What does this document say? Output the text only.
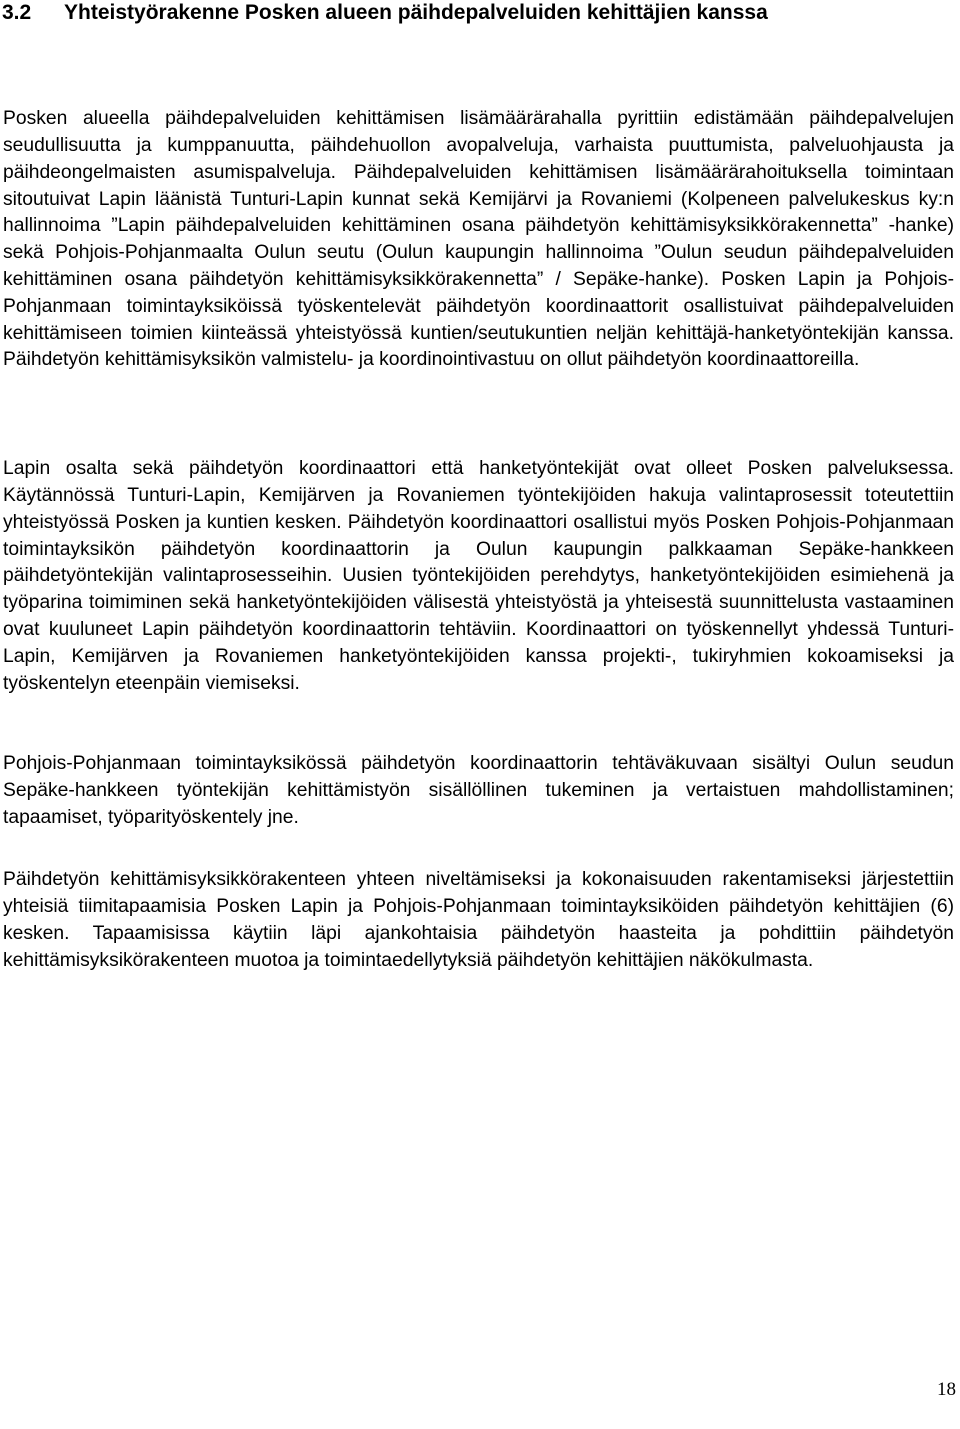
3.2 Yhteistyörakenne Posken alueen päihdepalveluiden kehittäjien kanssa

Posken alueella päihdepalveluiden kehittämisen lisämäärärahalla pyrittiin edistämään päihdepalvelujen seudullisuutta ja kumppanuutta, päihdehuollon avopalveluja, varhaista puuttumista, palveluohjausta ja päihdeongelmaisten asumispalveluja. Päihdepalveluiden kehittämisen lisämäärärahoituksella toimintaan sitoutuivat Lapin läänistä Tunturi-Lapin kunnat sekä Kemijärvi ja Rovaniemi (Kolpeneen palvelukeskus ky:n hallinnoima ”Lapin päihdepalveluiden kehittäminen osana päihdetyön kehittämisyksikkörakennetta” -hanke) sekä Pohjois-Pohjanmaalta Oulun seutu (Oulun kaupungin hallinnoima ”Oulun seudun päihdepalveluiden kehittäminen osana päihdetyön kehittämisyksikkörakennetta” / Sepäke-hanke). Posken Lapin ja Pohjois-Pohjanmaan toimintayksiköissä työskentelevät päihdetyön koordinaattorit osallistuivat päihdepalveluiden kehittämiseen toimien kiinteässä yhteistyössä kuntien/seutukuntien neljän kehittäjä-hanketyöntekijän kanssa. Päihdetyön kehittämisyksikön valmistelu- ja koordinointivastuu on ollut päihdetyön koordinaattoreilla.

Lapin osalta sekä päihdetyön koordinaattori että hanketyöntekijät ovat olleet Posken palveluksessa. Käytännössä Tunturi-Lapin, Kemijärven ja Rovaniemen työntekijöiden hakuja valintaprosessit toteutettiin yhteistyössä Posken ja kuntien kesken. Päihdetyön koordinaattori osallistui myös Posken Pohjois-Pohjanmaan toimintayksikön päihdetyön koordinaattorin ja Oulun kaupungin palkkaaman Sepäke-hankkeen päihdetyöntekijän valintaprosesseihin. Uusien työntekijöiden perehdytys, hanketyöntekijöiden esimiehenä ja työparina toimiminen sekä hanketyöntekijöiden välisestä yhteistyöstä ja yhteisestä suunnittelusta vastaaminen ovat kuuluneet Lapin päihdetyön koordinaattorin tehtäviin. Koordinaattori on työskennellyt yhdessä Tunturi-Lapin, Kemijärven ja Rovaniemen hanketyöntekijöiden kanssa projekti-, tukiryhmien kokoamiseksi ja työskentelyn eteenpäin viemiseksi.

Pohjois-Pohjanmaan toimintayksikössä päihdetyön koordinaattorin tehtäväkuvaan sisältyi Oulun seudun Sepäke-hankkeen työntekijän kehittämistyön sisällöllinen tukeminen ja vertaistuen mahdollistaminen; tapaamiset, työparityöskentely jne.

Päihdetyön kehittämisyksikkörakenteen yhteen niveltämiseksi ja kokonaisuuden rakentamiseksi järjestettiin yhteisiä tiimitapaamisia Posken Lapin ja Pohjois-Pohjanmaan toimintayksiköiden päihdetyön kehittäjien (6) kesken. Tapaamisissa käytiin läpi ajankohtaisia päihdetyön haasteita ja pohdittiin päihdetyön kehittämisyksikörakenteen muotoa ja toimintaedellytyksiä päihdetyön kehittäjien näkökulmasta.

18
